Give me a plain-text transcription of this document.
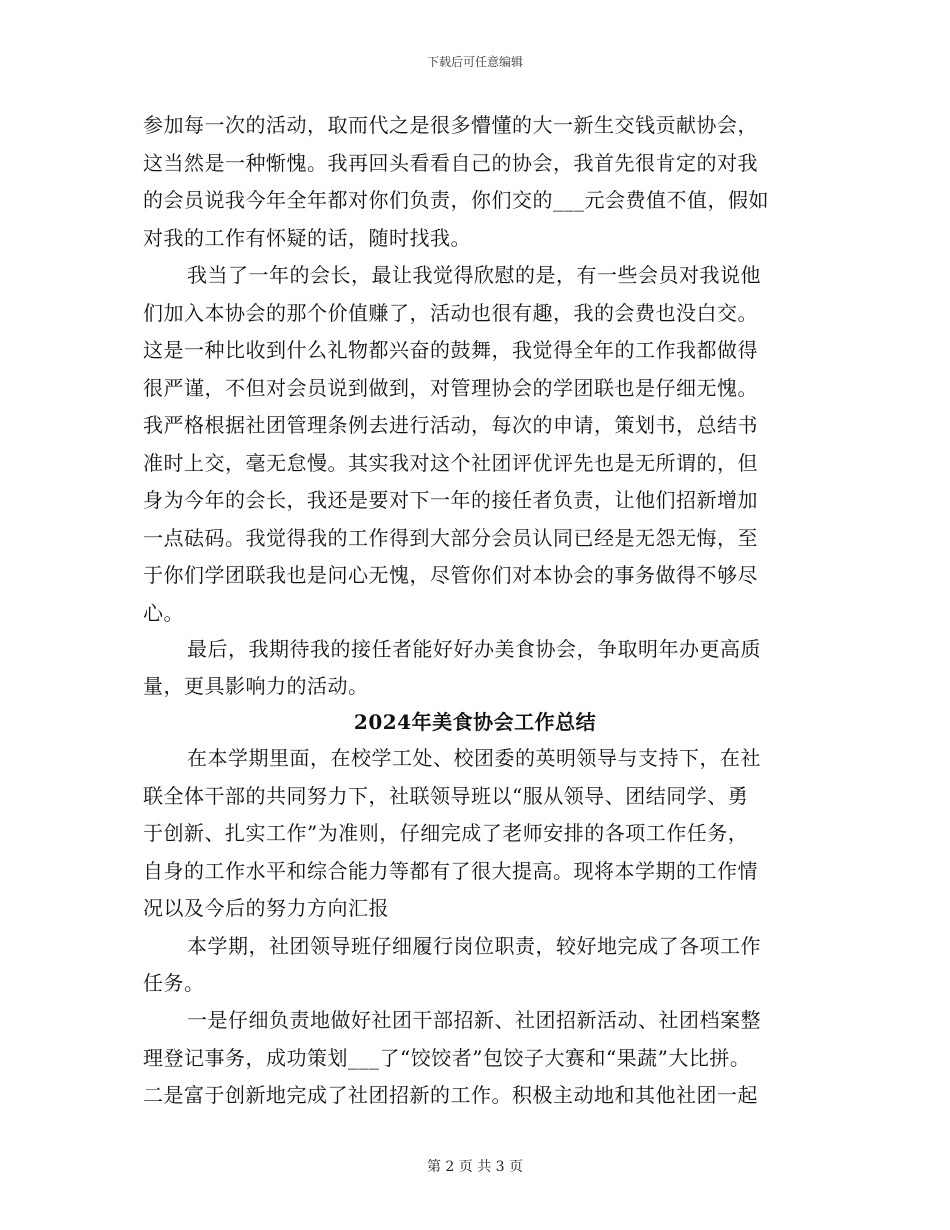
下载后可任意编辑
参加每一次的活动，取而代之是很多懵懂的大一新生交钱贡献协会，
这当然是一种惭愧。我再回头看看自己的协会，我首先很肯定的对我
的会员说我今年全年都对你们负责，你们交的___元会费值不值，假如
对我的工作有怀疑的话，随时找我。
我当了一年的会长，最让我觉得欣慰的是，有一些会员对我说他
们加入本协会的那个价值赚了，活动也很有趣，我的会费也没白交。
这是一种比收到什么礼物都兴奋的鼓舞，我觉得全年的工作我都做得
很严谨，不但对会员说到做到，对管理协会的学团联也是仔细无愧。
我严格根据社团管理条例去进行活动，每次的申请，策划书，总结书
准时上交，毫无怠慢。其实我对这个社团评优评先也是无所谓的，但
身为今年的会长，我还是要对下一年的接任者负责，让他们招新增加
一点砝码。我觉得我的工作得到大部分会员认同已经是无怨无悔，至
于你们学团联我也是问心无愧，尽管你们对本协会的事务做得不够尽
心。
最后，我期待我的接任者能好好办美食协会，争取明年办更高质
量，更具影响力的活动。
2024年美食协会工作总结
在本学期里面，在校学工处、校团委的英明领导与支持下，在社
联全体干部的共同努力下，社联领导班以“服从领导、团结同学、勇
于创新、扎实工作”为准则，仔细完成了老师安排的各项工作任务，
自身的工作水平和综合能力等都有了很大提高。现将本学期的工作情
况以及今后的努力方向汇报
本学期，社团领导班仔细履行岗位职责，较好地完成了各项工作
任务。
一是仔细负责地做好社团干部招新、社团招新活动、社团档案整
理登记事务，成功策划___了“饺饺者”包饺子大赛和“果蔬”大比拼。
二是富于创新地完成了社团招新的工作。积极主动地和其他社团一起
第 2 页 共 3 页
